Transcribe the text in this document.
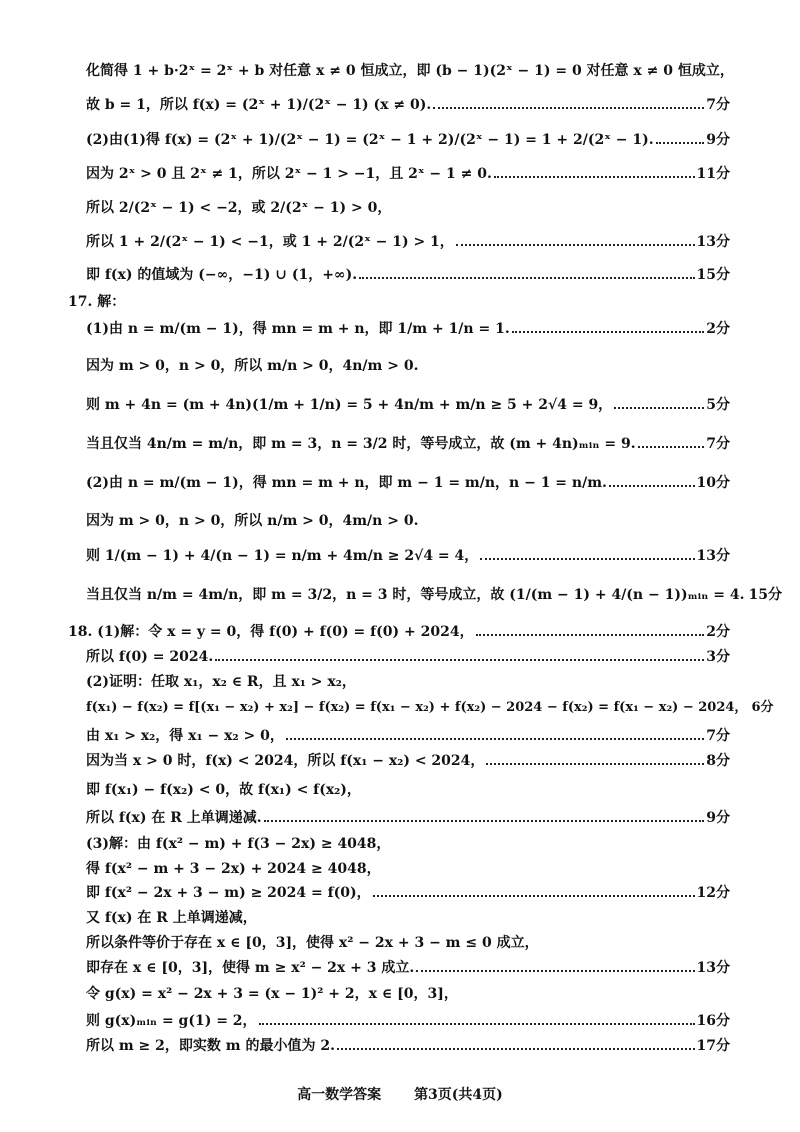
化简得 1 + b·2ˣ = 2ˣ + b 对任意 x ≠ 0 恒成立，即 (b − 1)(2ˣ − 1) = 0 对任意 x ≠ 0 恒成立，
故 b = 1，所以 f(x) = (2ˣ + 1)/(2ˣ − 1) (x ≠ 0).	7分
(2)由(1)得 f(x) = (2ˣ + 1)/(2ˣ − 1) = (2ˣ − 1 + 2)/(2ˣ − 1) = 1 + 2/(2ˣ − 1).	9分
因为 2ˣ > 0 且 2ˣ ≠ 1，所以 2ˣ − 1 > −1，且 2ˣ − 1 ≠ 0.	11分
所以 2/(2ˣ − 1) < −2，或 2/(2ˣ − 1) > 0，
所以 1 + 2/(2ˣ − 1) < −1，或 1 + 2/(2ˣ − 1) > 1，	13分
即 f(x) 的值域为 (−∞，−1) ∪ (1，+∞).	15分
17. 解：
(1)由 n = m/(m − 1)，得 mn = m + n，即 1/m + 1/n = 1.	2分
因为 m > 0，n > 0，所以 m/n > 0，4n/m > 0.
则 m + 4n = (m + 4n)(1/m + 1/n) = 5 + 4n/m + m/n ≥ 5 + 2√4 = 9，	5分
当且仅当 4n/m = m/n，即 m = 3，n = 3/2 时，等号成立，故 (m + 4n)ₘᵢₙ = 9.	7分
(2)由 n = m/(m − 1)，得 mn = m + n，即 m − 1 = m/n，n − 1 = n/m.	10分
因为 m > 0，n > 0，所以 n/m > 0，4m/n > 0.
则 1/(m − 1) + 4/(n − 1) = n/m + 4m/n ≥ 2√4 = 4，	13分
当且仅当 n/m = 4m/n，即 m = 3/2，n = 3 时，等号成立，故 (1/(m − 1) + 4/(n − 1))ₘᵢₙ = 4. 15分
18. (1)解：令 x = y = 0，得 f(0) + f(0) = f(0) + 2024，	2分
所以 f(0) = 2024.	3分
(2)证明：任取 x₁，x₂ ∈ R，且 x₁ > x₂，
f(x₁) − f(x₂) = f[(x₁ − x₂) + x₂] − f(x₂) = f(x₁ − x₂) + f(x₂) − 2024 − f(x₂) = f(x₁ − x₂) − 2024， 6分
由 x₁ > x₂，得 x₁ − x₂ > 0，	7分
因为当 x > 0 时，f(x) < 2024，所以 f(x₁ − x₂) < 2024，	8分
即 f(x₁) − f(x₂) < 0，故 f(x₁) < f(x₂)，
所以 f(x) 在 R 上单调递减.	9分
(3)解：由 f(x² − m) + f(3 − 2x) ≥ 4048，
得 f(x² − m + 3 − 2x) + 2024 ≥ 4048，
即 f(x² − 2x + 3 − m) ≥ 2024 = f(0)，	12分
又 f(x) 在 R 上单调递减，
所以条件等价于存在 x ∈ [0，3]，使得 x² − 2x + 3 − m ≤ 0 成立，
即存在 x ∈ [0，3]，使得 m ≥ x² − 2x + 3 成立.	13分
令 g(x) = x² − 2x + 3 = (x − 1)² + 2，x ∈ [0，3]，
则 g(x)ₘᵢₙ = g(1) = 2，	16分
所以 m ≥ 2，即实数 m 的最小值为 2.	17分
高一数学答案 第3页(共4页)
